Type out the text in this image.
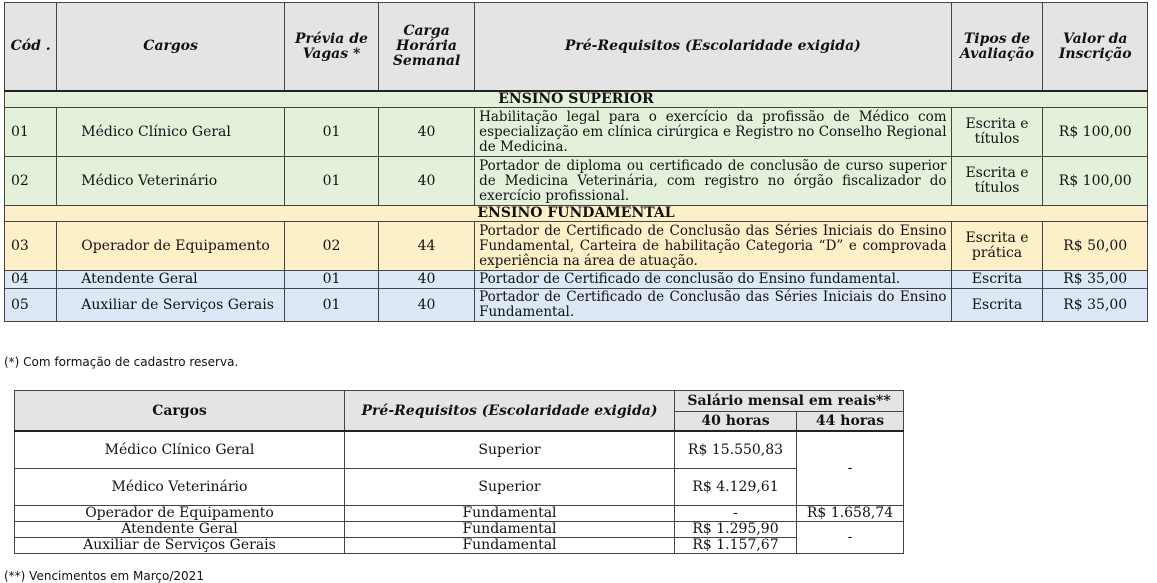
Cód .	Cargos	Prévia de Vagas *	Carga Horária Semanal	Pré-Requisitos (Escolaridade exigida)	Tipos de Avaliação	Valor da Inscrição
ENSINO SUPERIOR						
01	Médico Clínico Geral	01	40	Habilitação legal para o exercício da profissão de Médico com especialização em clínica cirúrgica e Registro no Conselho Regional de Medicina.	Escrita e títulos	R$ 100,00
02	Médico Veterinário	01	40	Portador de diploma ou certificado de conclusão de curso superior de Medicina Veterinária, com registro no órgão fiscalizador do exercício profissional.	Escrita e títulos	R$ 100,00
ENSINO FUNDAMENTAL						
03	Operador de Equipamento	02	44	Portador de Certificado de Conclusão das Séries Iniciais do Ensino Fundamental, Carteira de habilitação Categoria “D” e comprovada experiência na área de atuação.	Escrita e prática	R$ 50,00
04	Atendente Geral	01	40	Portador de Certificado de conclusão do Ensino fundamental.	Escrita	R$ 35,00
05	Auxiliar de Serviços Gerais	01	40	Portador de Certificado de Conclusão das Séries Iniciais do Ensino Fundamental.	Escrita	R$ 35,00
(*) Com formação de cadastro reserva.
Cargos	Pré-Requisitos (Escolaridade exigida)	Salário mensal em reais**	
		40 horas	44 horas
Médico Clínico Geral	Superior	R$ 15.550,83	-
Médico Veterinário	Superior	R$ 4.129,61	
Operador de Equipamento	Fundamental	-	R$ 1.658,74
Atendente Geral	Fundamental	R$ 1.295,90	-
Auxiliar de Serviços Gerais	Fundamental	R$ 1.157,67	
(**) Vencimentos em Março/2021
